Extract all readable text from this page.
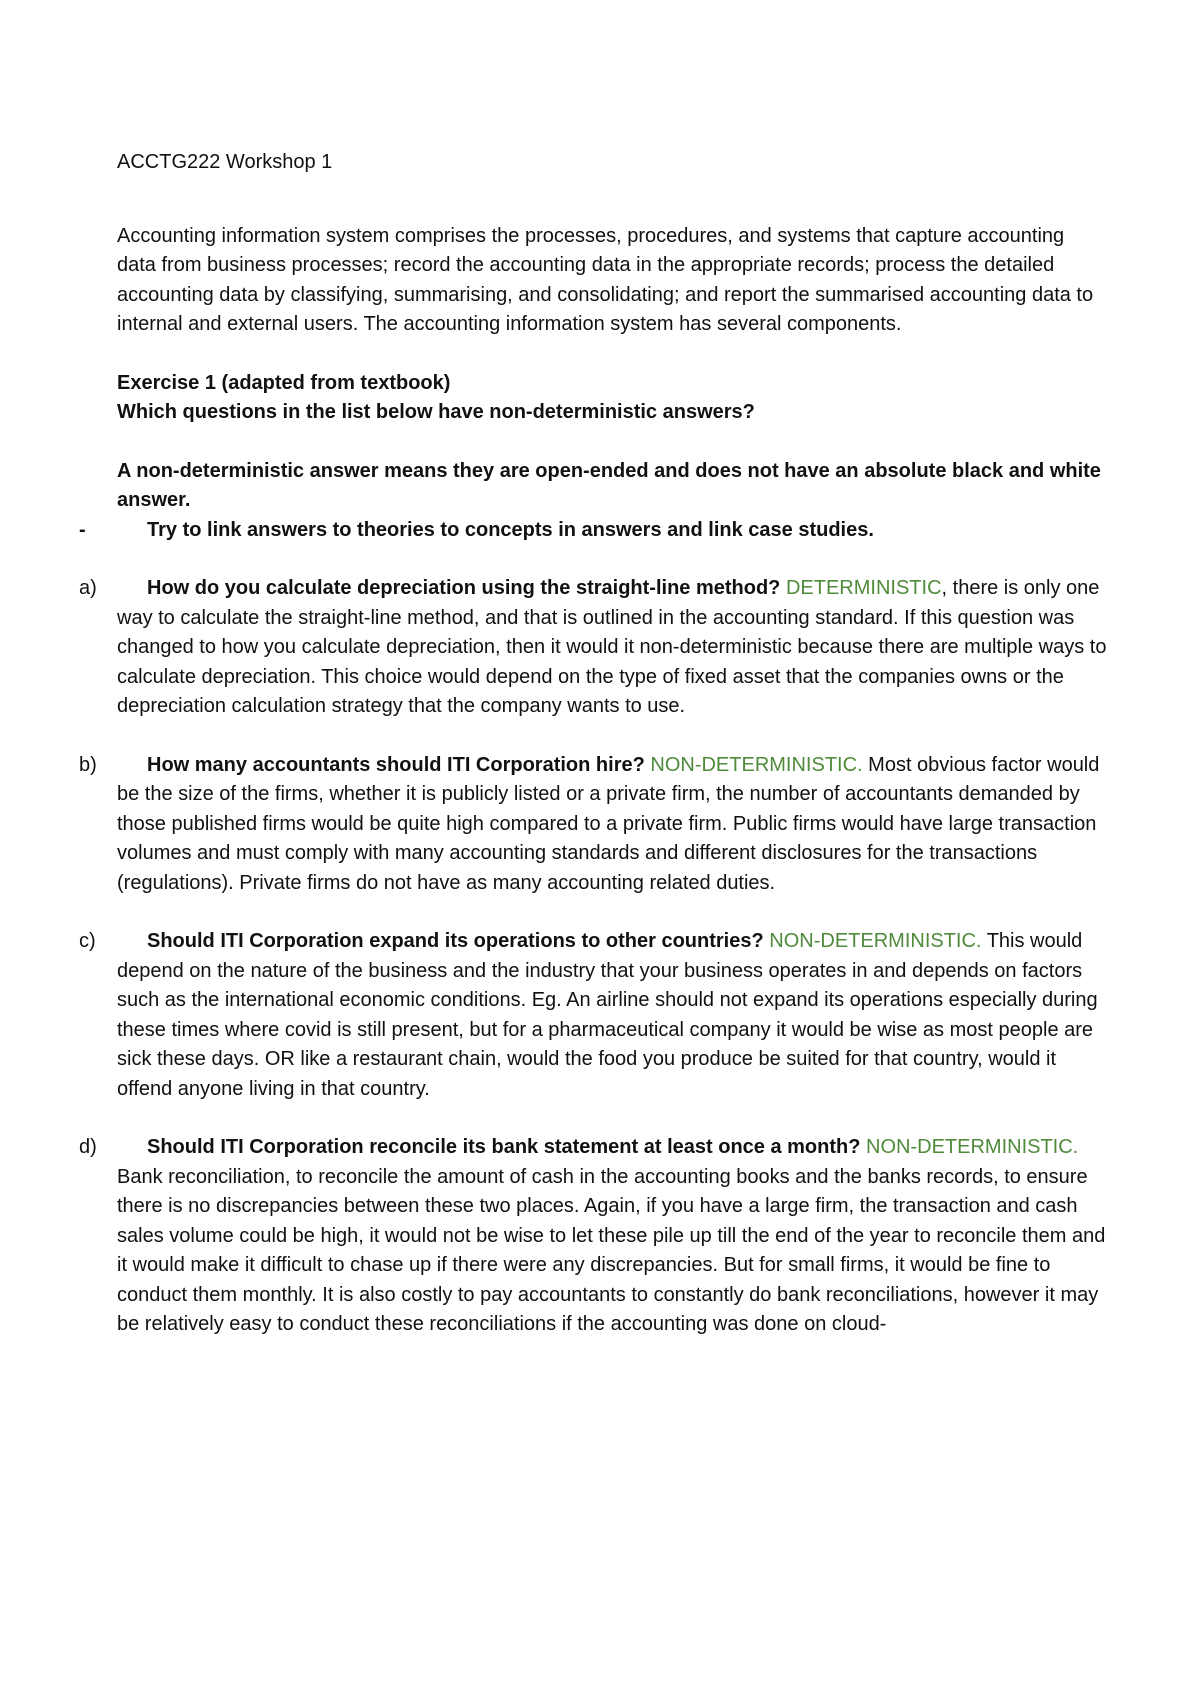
ACCTG222 Workshop 1

Accounting information system comprises the processes, procedures, and systems that capture accounting data from business processes; record the accounting data in the appropriate records; process the detailed accounting data by classifying, summarising, and consolidating; and report the summarised accounting data to internal and external users. The accounting information system has several components.

Exercise 1 (adapted from textbook)

Which questions in the list below have non-deterministic answers?

A non-deterministic answer means they are open-ended and does not have an absolute black and white answer.

-	Try to link answers to theories to concepts in answers and link case studies.
a)	How do you calculate depreciation using the straight-line method? DETERMINISTIC, there is only one way to calculate the straight-line method, and that is outlined in the accounting standard. If this question was changed to how you calculate depreciation, then it would it non-deterministic because there are multiple ways to calculate depreciation. This choice would depend on the type of fixed asset that the companies owns or the depreciation calculation strategy that the company wants to use.
b)	How many accountants should ITI Corporation hire? NON-DETERMINISTIC. Most obvious factor would be the size of the firms, whether it is publicly listed or a private firm, the number of accountants demanded by those published firms would be quite high compared to a private firm. Public firms would have large transaction volumes and must comply with many accounting standards and different disclosures for the transactions (regulations). Private firms do not have as many accounting related duties.
c)	Should ITI Corporation expand its operations to other countries? NON-DETERMINISTIC. This would depend on the nature of the business and the industry that your business operates in and depends on factors such as the international economic conditions. Eg. An airline should not expand its operations especially during these times where covid is still present, but for a pharmaceutical company it would be wise as most people are sick these days. OR like a restaurant chain, would the food you produce be suited for that country, would it offend anyone living in that country.
d)	Should ITI Corporation reconcile its bank statement at least once a month? NON-DETERMINISTIC. Bank reconciliation, to reconcile the amount of cash in the accounting books and the banks records, to ensure there is no discrepancies between these two places. Again, if you have a large firm, the transaction and cash sales volume could be high, it would not be wise to let these pile up till the end of the year to reconcile them and it would make it difficult to chase up if there were any discrepancies. But for small firms, it would be fine to conduct them monthly. It is also costly to pay accountants to constantly do bank reconciliations, however it may be relatively easy to conduct these reconciliations if the accounting was done on cloud-
